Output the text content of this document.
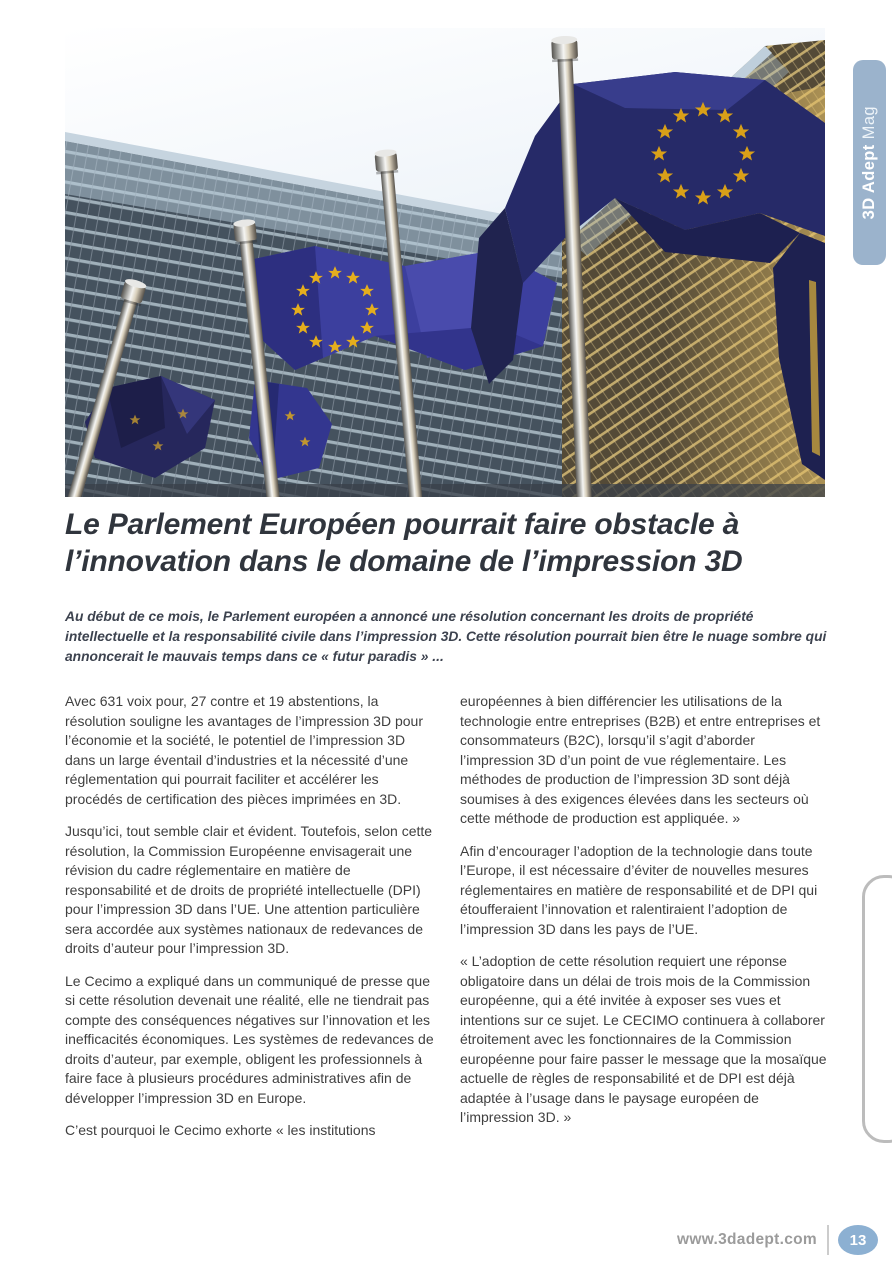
3D AdeptMag
Le Parlement Européen pourrait faire obstacle à
l’innovation dans le domaine de l’impression 3D

Au début de ce mois, le Parlement européen a annoncé une résolution concernant les droits de propriété intellectuelle et la responsabilité civile dans l’impression 3D. Cette résolution pourrait bien être le nuage sombre qui annoncerait le mauvais temps dans ce « futur paradis » ...

Avec 631 voix pour, 27 contre et 19 abstentions, la résolution souligne les avantages de l’impression 3D pour l’économie et la société, le potentiel de l’impression 3D dans un large éventail d’industries et la nécessité d’une réglementation qui pourrait faciliter et accélérer les procédés de certification des pièces imprimées en 3D.

Jusqu’ici, tout semble clair et évident. Toutefois, selon cette résolution, la Commission Européenne envisagerait une révision du cadre réglementaire en matière de responsabilité et de droits de propriété intellectuelle (DPI) pour l’impression 3D dans l’UE. Une attention particulière sera accordée aux systèmes nationaux de redevances de droits d’auteur pour l’impression 3D.

Le Cecimo a expliqué dans un communiqué de presse que si cette résolution devenait une réalité, elle ne tiendrait pas compte des conséquences négatives sur l’innovation et les inefficacités économiques. Les systèmes de redevances de droits d’auteur, par exemple, obligent les professionnels à faire face à plusieurs procédures administratives afin de développer l’impression 3D en Europe.

C’est pourquoi le Cecimo exhorte « les institutions

européennes à bien différencier les utilisations de la technologie entre entreprises (B2B) et entre entreprises et consommateurs (B2C), lorsqu’il s’agit d’aborder l’impression 3D d’un point de vue réglementaire. Les méthodes de production de l’impression 3D sont déjà soumises à des exigences élevées dans les secteurs où cette méthode de production est appliquée. »

Afin d’encourager l’adoption de la technologie dans toute l’Europe, il est nécessaire d’éviter de nouvelles mesures réglementaires en matière de responsabilité et de DPI qui étoufferaient l’innovation et ralentiraient l’adoption de l’impression 3D dans les pays de l’UE.

« L’adoption de cette résolution requiert une réponse obligatoire dans un délai de trois mois de la Commission européenne, qui a été invitée à exposer ses vues et intentions sur ce sujet. Le CECIMO continuera à collaborer étroitement avec les fonctionnaires de la Commission européenne pour faire passer le message que la mosaïque actuelle de règles de responsabilité et de DPI est déjà adaptée à l’usage dans le paysage européen de l’impression 3D. »

www.3dadept.com 13
